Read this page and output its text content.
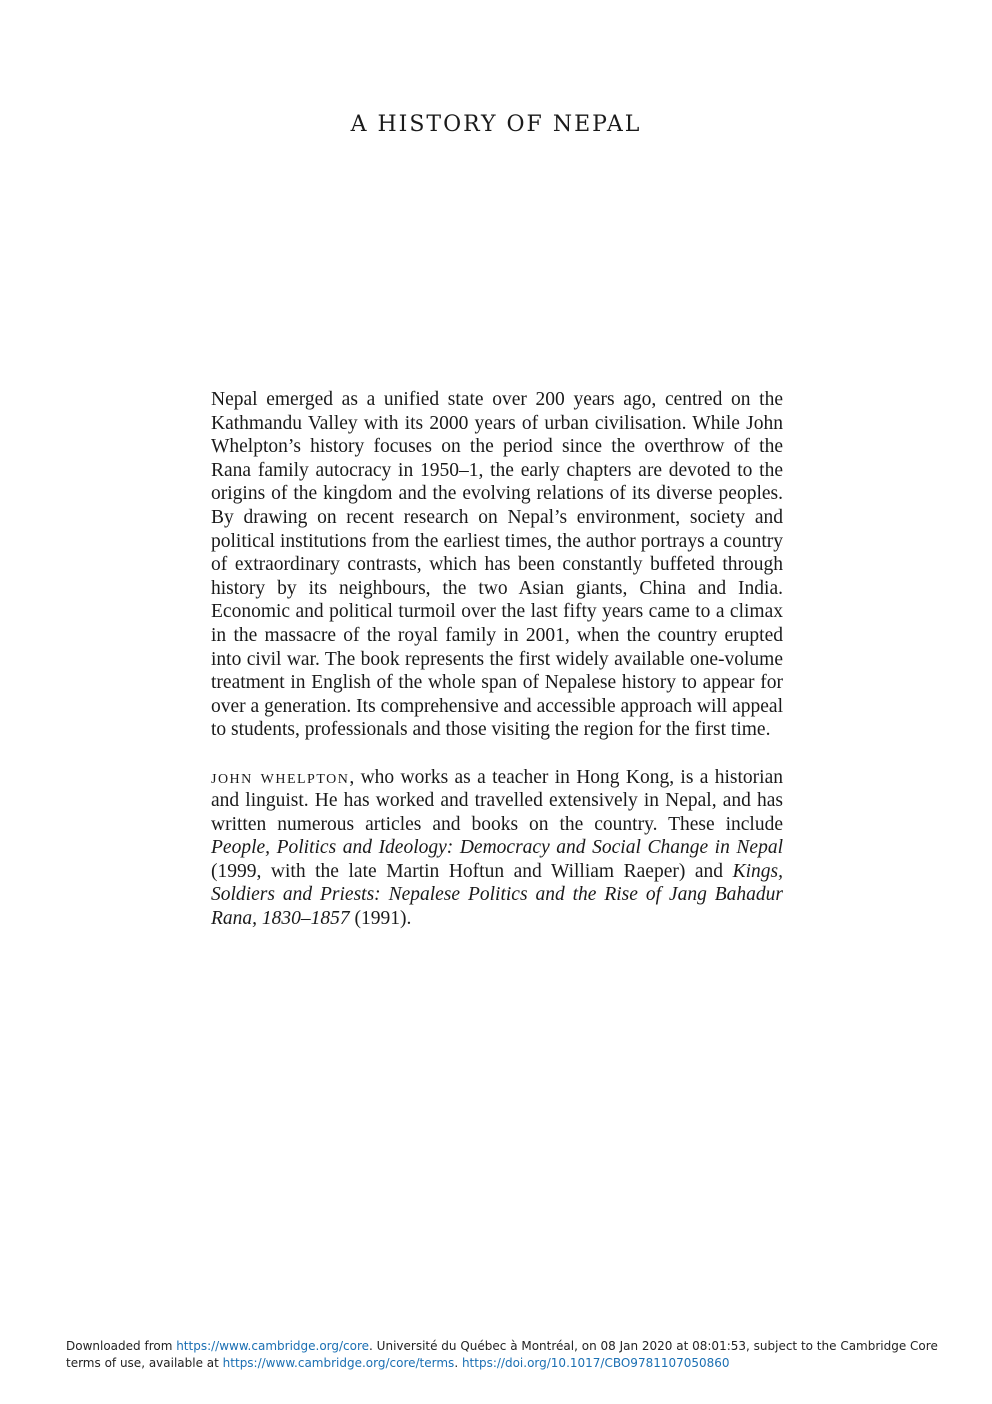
A HISTORY OF NEPAL

Nepal emerged as a unified state over 200 years ago, centred on the Kathmandu Valley with its 2000 years of urban civilisation. While John Whelpton’s history focuses on the period since the overthrow of the Rana family autocracy in 1950–1, the early chapters are devoted to the origins of the kingdom and the evolving relations of its diverse peoples. By drawing on recent research on Nepal’s environment, society and political institutions from the earliest times, the author portrays a country of extraordinary contrasts, which has been constantly buffeted through history by its neighbours, the two Asian giants, China and India. Economic and political turmoil over the last fifty years came to a climax in the massacre of the royal family in 2001, when the country erupted into civil war. The book represents the first widely available one-volume treatment in English of the whole span of Nepalese history to appear for over a generation. Its comprehensive and accessible approach will appeal to students, professionals and those visiting the region for the first time.

john whelpton, who works as a teacher in Hong Kong, is a historian and linguist. He has worked and travelled extensively in Nepal, and has written numerous articles and books on the country. These include People, Politics and Ideology: Democracy and Social Change in Nepal (1999, with the late Martin Hoftun and William Raeper) and Kings, Soldiers and Priests: Nepalese Politics and the Rise of Jang Bahadur Rana, 1830–1857 (1991).

Downloaded from https://www.cambridge.org/core. Université du Québec à Montréal, on 08 Jan 2020 at 08:01:53, subject to the Cambridge Core terms of use, available at https://www.cambridge.org/core/terms. https://doi.org/10.1017/CBO9781107050860
